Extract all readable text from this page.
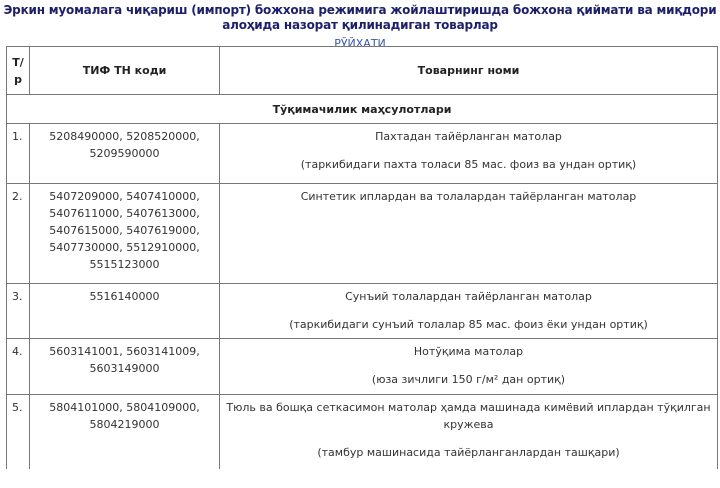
Эркин муомалага чиқариш (импорт) божхона режимига жойлаштиришда божхона қиймати ва миқдори алоҳида назорат қилинадиган товарлар
РЎЙХАТИ
Т/р	ТИФ ТН коди	Товарнинг номи
Тўқимачилик маҳсулотлари		
1.	5208490000, 5208520000, 5209590000	Пахтадан тайёрланган матолар
(таркибидаги пахта толаси 85 мас. фоиз ва ундан ортиқ)

2.	5407209000, 5407410000, 5407611000, 5407613000, 5407615000, 5407619000, 5407730000, 5512910000, 5515123000	Синтетик иплардан ва толалардан тайёрланган матолар

3.	5516140000	Сунъий толалардан тайёрланган матолар
(таркибидаги сунъий толалар 85 мас. фоиз ёки ундан ортиқ)

4.	5603141001, 5603141009, 5603149000	Нотўқима матолар
(юза зичлиги 150 г/м² дан ортиқ)

5.	5804101000, 5804109000, 5804219000	Тюль ва бошқа сеткасимон матолар ҳамда машинада кимёвий иплардан тўқилган кружева
(тамбур машинасида тайёрланганлардан ташқари)
